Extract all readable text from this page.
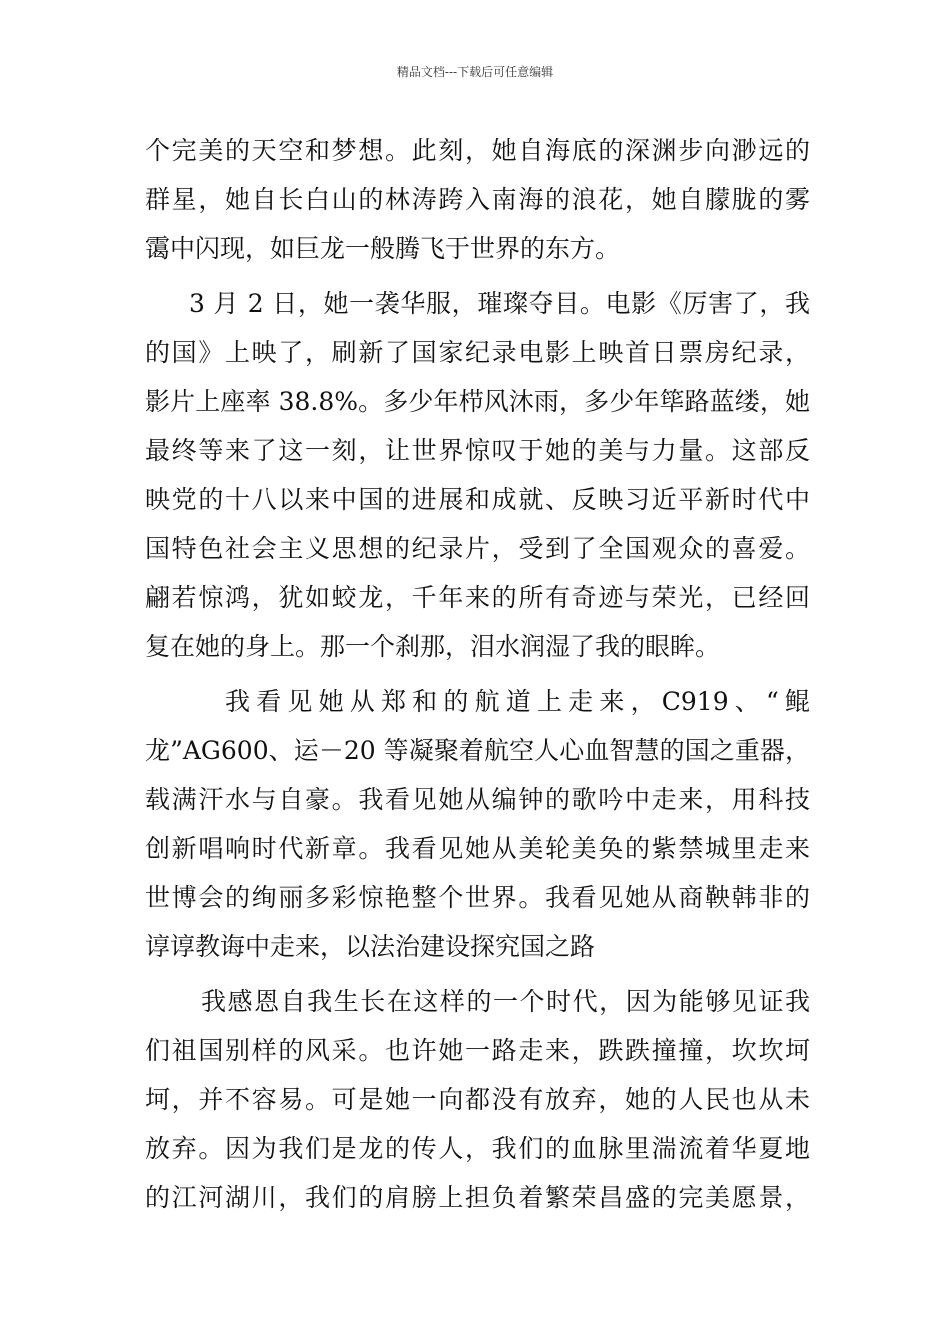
精品文档---下载后可任意编辑
个完美的天空和梦想。此刻，她自海底的深渊步向渺远的
群星，她自长白山的林涛跨入南海的浪花，她自朦胧的雾
霭中闪现，如巨龙一般腾飞于世界的东方。
3 月 2 日，她一袭华服，璀璨夺目。电影《厉害了，我
的国》上映了，刷新了国家纪录电影上映首日票房纪录，
影片上座率 38.8%。多少年栉风沐雨，多少年筚路蓝缕，她
最终等来了这一刻，让世界惊叹于她的美与力量。这部反
映党的十八以来中国的进展和成就、反映习近平新时代中
国特色社会主义思想的纪录片，受到了全国观众的喜爱。
翩若惊鸿，犹如蛟龙，千年来的所有奇迹与荣光，已经回
复在她的身上。那一个刹那，泪水润湿了我的眼眸。
我看见她从郑和的航道上走来，C919、“鲲
龙”AG600、运－20 等凝聚着航空人心血智慧的国之重器，
载满汗水与自豪。我看见她从编钟的歌吟中走来，用科技
创新唱响时代新章。我看见她从美轮美奂的紫禁城里走来
世博会的绚丽多彩惊艳整个世界。我看见她从商鞅韩非的
谆谆教诲中走来，以法治建设探究国之路
我感恩自我生长在这样的一个时代，因为能够见证我
们祖国别样的风采。也许她一路走来，跌跌撞撞，坎坎坷
坷，并不容易。可是她一向都没有放弃，她的人民也从未
放弃。因为我们是龙的传人，我们的血脉里湍流着华夏地
的江河湖川，我们的肩膀上担负着繁荣昌盛的完美愿景，
